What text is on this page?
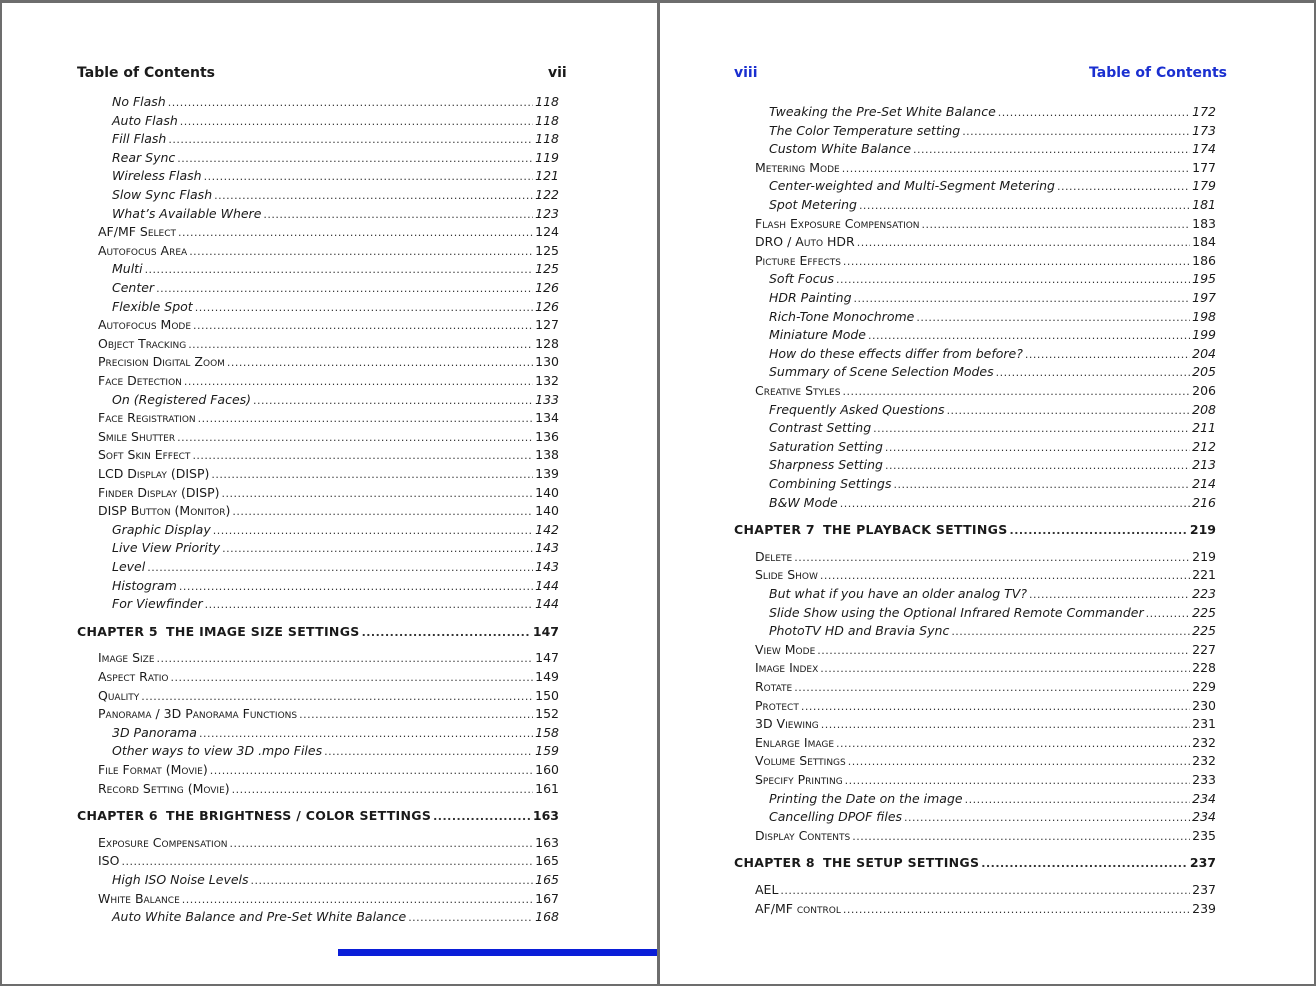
Table of Contents	vii
No Flash .....	118
Auto Flash .....	118
Fill Flash .....	118
Rear Sync .....	119
Wireless Flash .....	121
Slow Sync Flash .....	122
What’s Available Where .....	123
AF/MF Select .....	124
Autofocus Area .....	125
Multi .....	125
Center .....	126
Flexible Spot .....	126
Autofocus Mode .....	127
Object Tracking .....	128
Precision Digital Zoom .....	130
Face Detection .....	132
On (Registered Faces) .....	133
Face Registration .....	134
Smile Shutter .....	136
Soft Skin Effect .....	138
LCD Display (DISP) .....	139
Finder Display (DISP) .....	140
DISP Button (Monitor) .....	140
Graphic Display .....	142
Live View Priority .....	143
Level .....	143
Histogram .....	144
For Viewfinder .....	144
CHAPTER 5 THE IMAGE SIZE SETTINGS .....	147
Image Size .....	147
Aspect Ratio .....	149
Quality .....	150
Panorama / 3D Panorama Functions .....	152
3D Panorama .....	158
Other ways to view 3D .mpo Files .....	159
File Format (Movie) .....	160
Record Setting (Movie) .....	161
CHAPTER 6 THE BRIGHTNESS / COLOR SETTINGS .....	163
Exposure Compensation .....	163
ISO .....	165
High ISO Noise Levels .....	165
White Balance .....	167
Auto White Balance and Pre-Set White Balance .....	168
viii	Table of Contents
Tweaking the Pre-Set White Balance .....	172
The Color Temperature setting .....	173
Custom White Balance .....	174
Metering Mode .....	177
Center-weighted and Multi-Segment Metering .....	179
Spot Metering .....	181
Flash Exposure Compensation .....	183
DRO / Auto HDR .....	184
Picture Effects .....	186
Soft Focus .....	195
HDR Painting .....	197
Rich-Tone Monochrome .....	198
Miniature Mode .....	199
How do these effects differ from before? .....	204
Summary of Scene Selection Modes .....	205
Creative Styles .....	206
Frequently Asked Questions .....	208
Contrast Setting .....	211
Saturation Setting .....	212
Sharpness Setting .....	213
Combining Settings .....	214
B&W Mode .....	216
CHAPTER 7 THE PLAYBACK SETTINGS .....	219
Delete .....	219
Slide Show .....	221
But what if you have an older analog TV? .....	223
Slide Show using the Optional Infrared Remote Commander .....	225
PhotoTV HD and Bravia Sync .....	225
View Mode .....	227
Image Index .....	228
Rotate .....	229
Protect .....	230
3D Viewing .....	231
Enlarge Image .....	232
Volume Settings .....	232
Specify Printing .....	233
Printing the Date on the image .....	234
Cancelling DPOF files .....	234
Display Contents .....	235
CHAPTER 8 THE SETUP SETTINGS .....	237
AEL .....	237
AF/MF control .....	239
